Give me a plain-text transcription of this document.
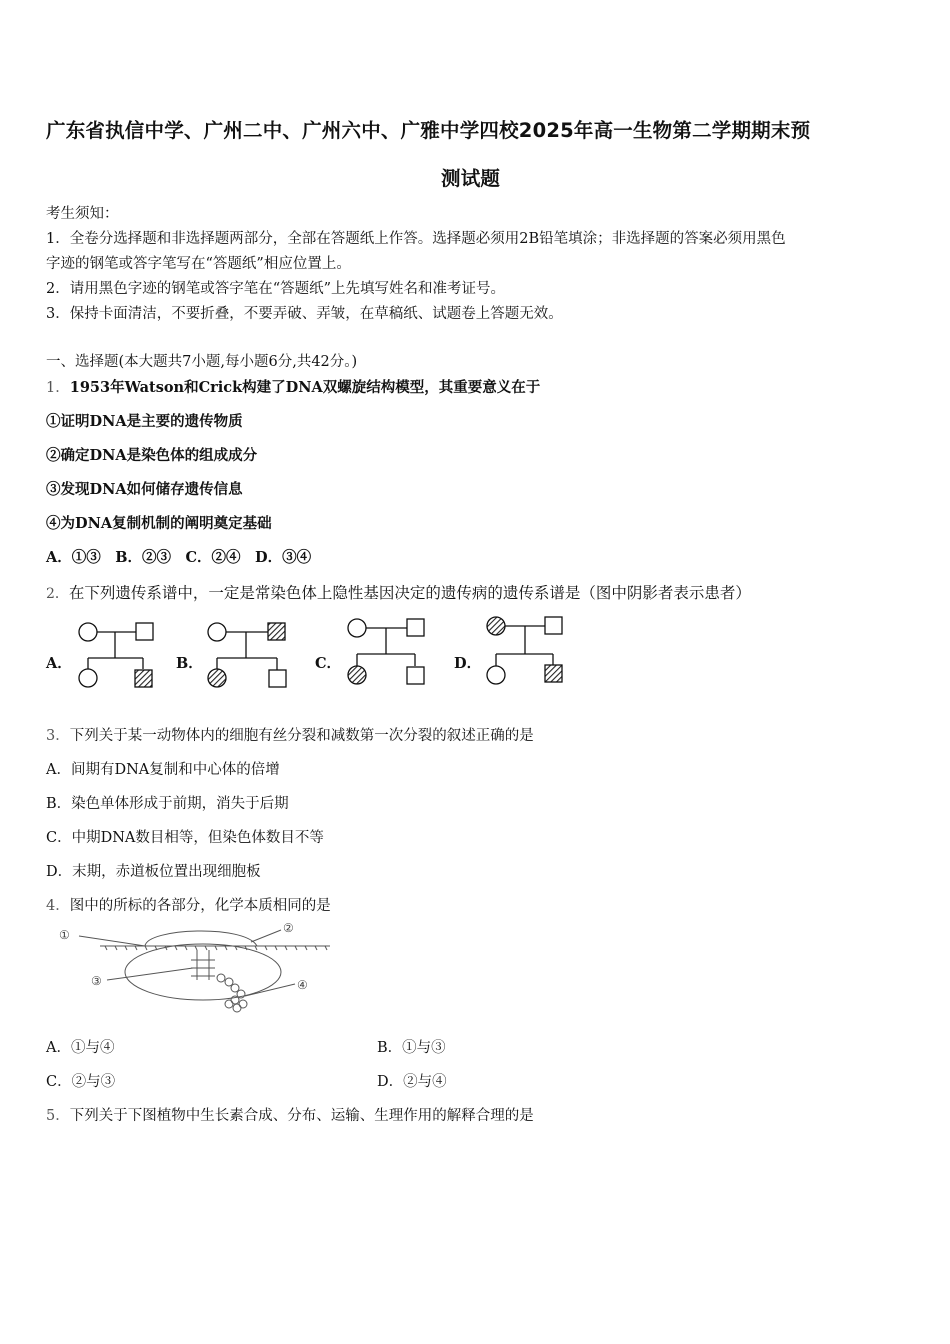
广东省执信中学、广州二中、广州六中、广雅中学四校2025年高一生物第二学期期末预
测试题
考生须知：
1．全卷分选择题和非选择题两部分，全部在答题纸上作答。选择题必须用2B铅笔填涂；非选择题的答案必须用黑色
字迹的钢笔或答字笔写在“答题纸”相应位置上。
2．请用黑色字迹的钢笔或答字笔在“答题纸”上先填写姓名和准考证号。
3．保持卡面清洁，不要折叠，不要弄破、弄皱，在草稿纸、试题卷上答题无效。
一、选择题(本大题共7小题,每小题6分,共42分。)
1．1953年Watson和Crick构建了DNA双螺旋结构模型，其重要意义在于
①证明DNA是主要的遗传物质
②确定DNA是染色体的组成成分
③发现DNA如何储存遗传信息
④为DNA复制机制的阐明奠定基础
A．①③　B．②③　C．②④　D．③④
2．在下列遗传系谱中，一定是常染色体上隐性基因决定的遗传病的遗传系谱是（图中阴影者表示患者）
A．	B．	C．	D．
3．下列关于某一动物体内的细胞有丝分裂和减数第一次分裂的叙述正确的是
A．间期有DNA复制和中心体的倍增
B．染色单体形成于前期，消失于后期
C．中期DNA数目相等，但染色体数目不等
D．末期，赤道板位置出现细胞板
4．图中的所标的各部分，化学本质相同的是
①	②
③	④
A．①与④	B．①与③
C．②与③	D．②与④
5．下列关于下图植物中生长素合成、分布、运输、生理作用的解释合理的是
